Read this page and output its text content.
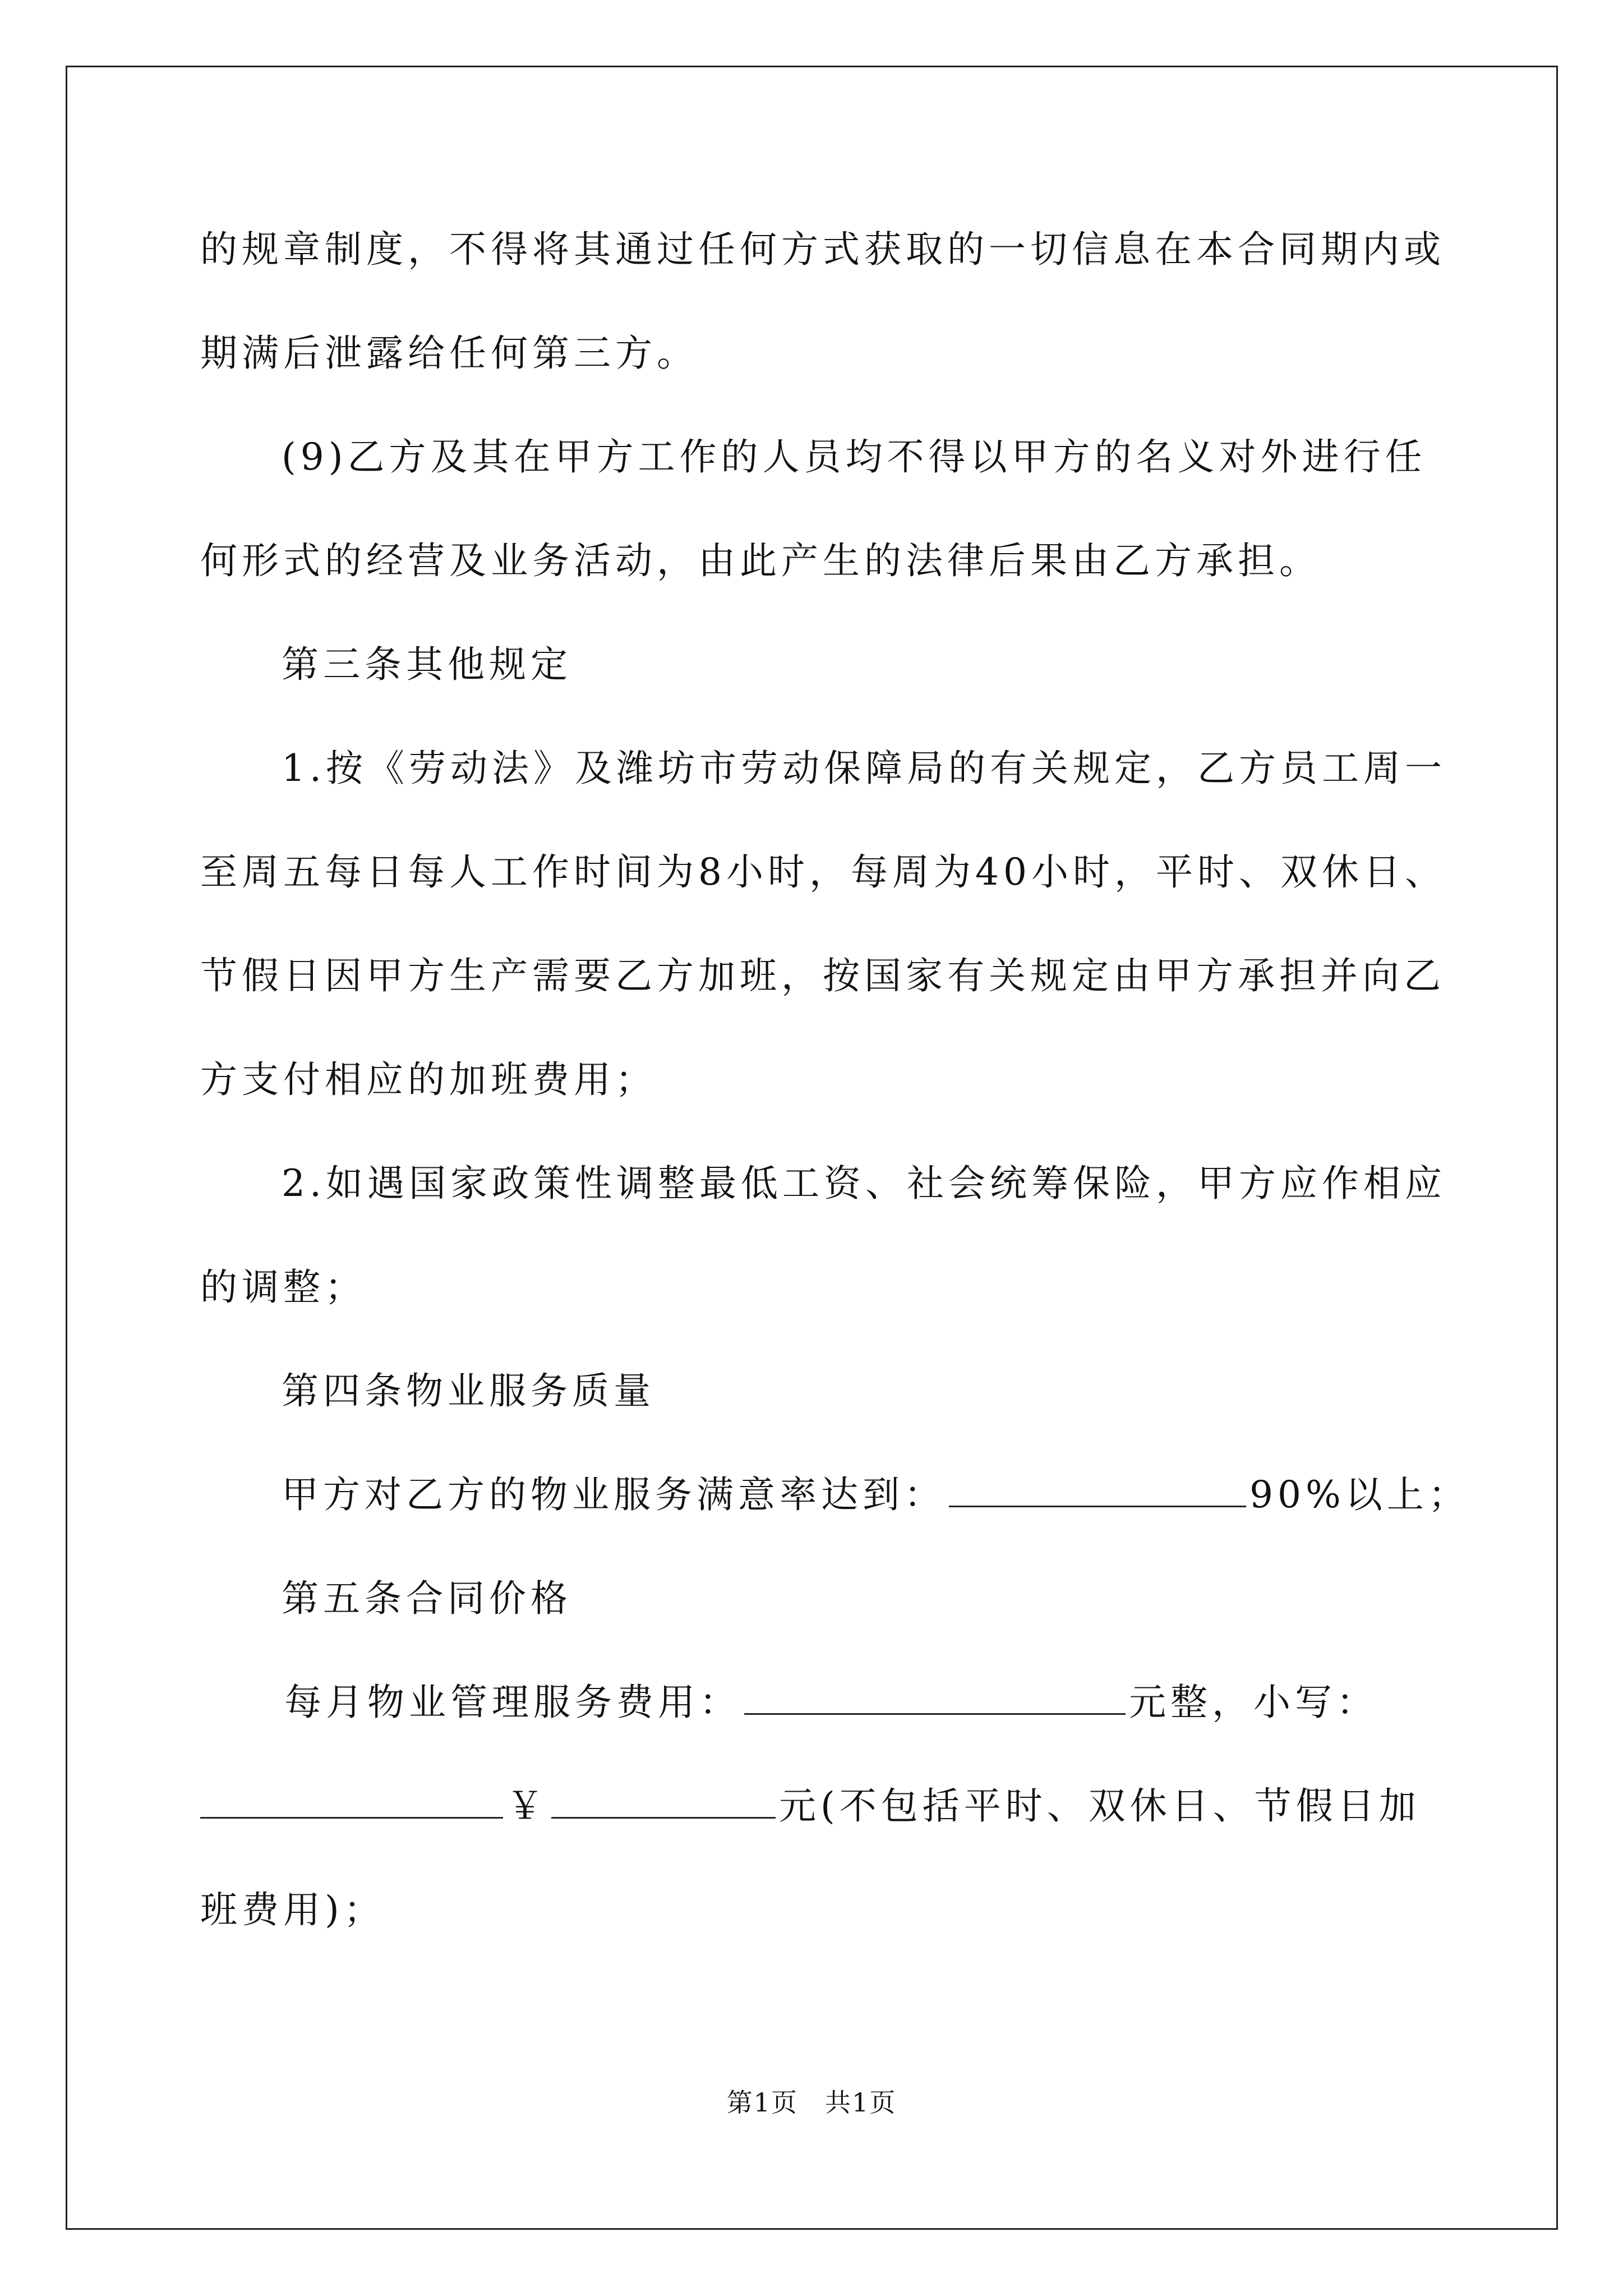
的规章制度，不得将其通过任何方式获取的一切信息在本合同期内或
期满后泄露给任何第三方。
(9)乙方及其在甲方工作的人员均不得以甲方的名义对外进行任
何形式的经营及业务活动，由此产生的法律后果由乙方承担。
第三条其他规定
1.按《劳动法》及潍坊市劳动保障局的有关规定，乙方员工周一
至周五每日每人工作时间为8小时，每周为40小时，平时、双休日、
节假日因甲方生产需要乙方加班，按国家有关规定由甲方承担并向乙
方支付相应的加班费用；
2.如遇国家政策性调整最低工资、社会统筹保险，甲方应作相应
的调整；
第四条物业服务质量
甲方对乙方的物业服务满意率达到：	90%以上；
第五条合同价格
每月物业管理服务费用：	元整，小写：
￥	元(不包括平时、双休日、节假日加
班费用)；
第1页　共1页
